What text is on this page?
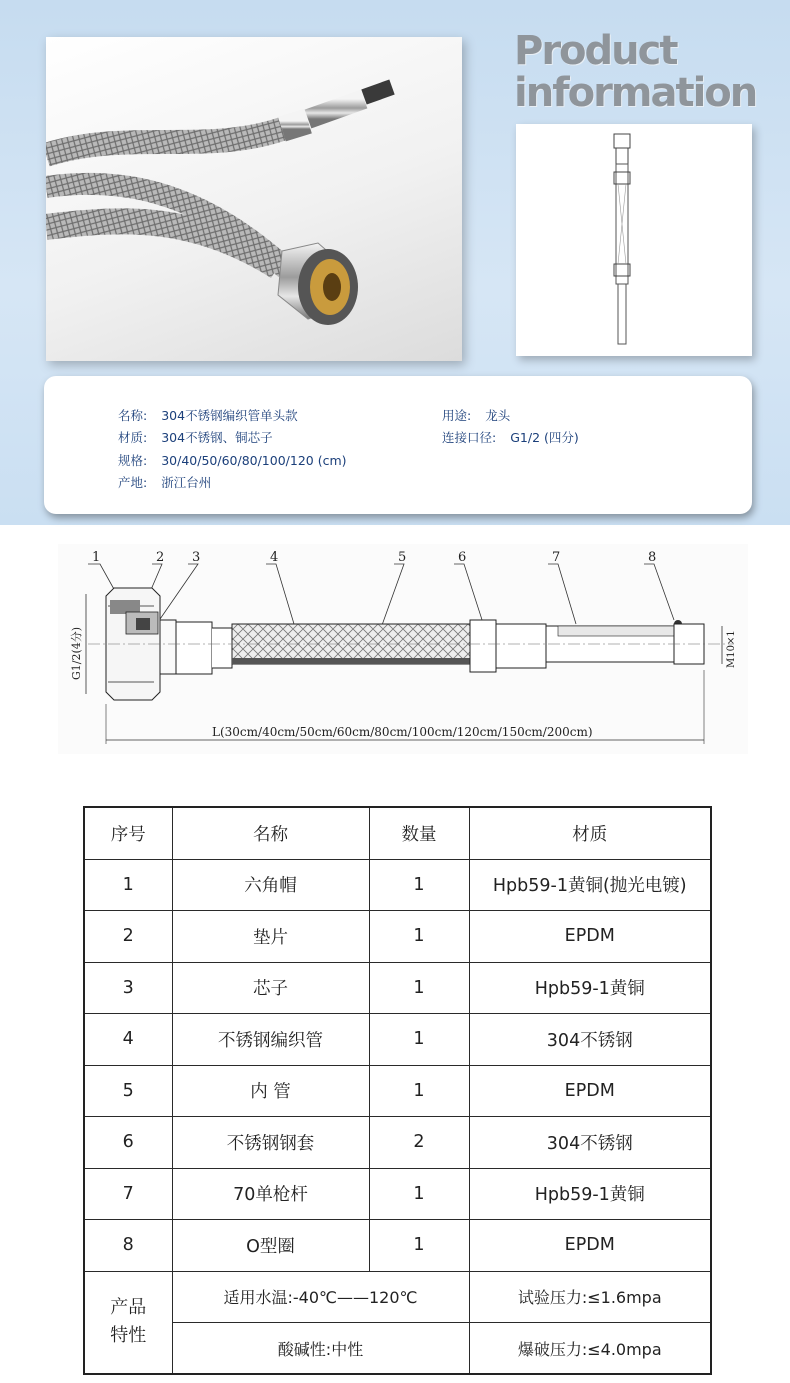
Product
information
名称: 304不锈钢编织管单头款
材质: 304不锈钢、铜芯子
规格: 30/40/50/60/80/100/120 (cm)
产地: 浙江台州
用途: 龙头
连接口径: G1/2 (四分)
1	2 3	4	5	6	7	8
G1/2(4分)	M10×1
L(30cm/40cm/50cm/60cm/80cm/100cm/120cm/150cm/200cm)
序号	名称	数量	材质
1	六角帽	1	Hpb59-1黄铜(抛光电镀)
2	垫片	1	EPDM
3	芯子	1	Hpb59-1黄铜
4	不锈钢编织管	1	304不锈钢
5	内 管	1	EPDM
6	不锈钢钢套	2	304不锈钢
7	70单枪杆	1	Hpb59-1黄铜
8	O型圈	1	EPDM
产品
特性	适用水温:-40℃——120℃		试验压力:≤1.6mpa
	酸碱性:中性		爆破压力:≤4.0mpa
